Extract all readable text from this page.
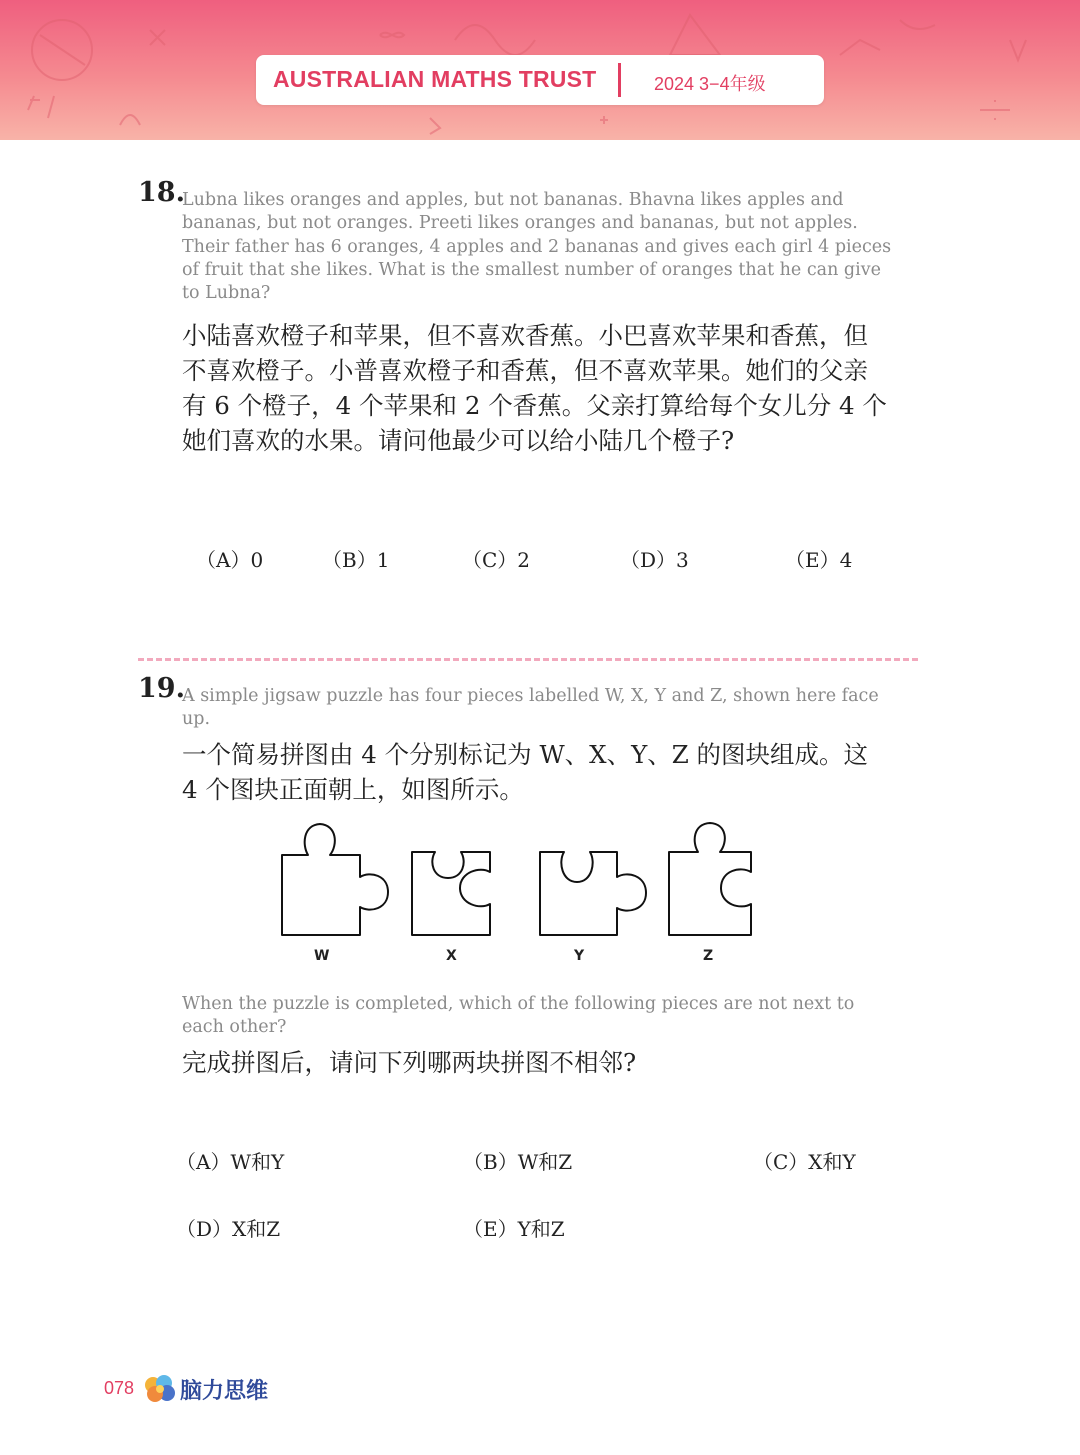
AUSTRALIAN MATHS TRUST	2024 3−4年级
18.
Lubna likes oranges and apples, but not bananas. Bhavna likes apples and
bananas, but not oranges. Preeti likes oranges and bananas, but not apples.
Their father has 6 oranges, 4 apples and 2 bananas and gives each girl 4 pieces
of fruit that she likes. What is the smallest number of oranges that he can give
to Lubna?
小陆喜欢橙子和苹果，但不喜欢香蕉。小巴喜欢苹果和香蕉，但
不喜欢橙子。小普喜欢橙子和香蕉，但不喜欢苹果。她们的父亲
有 6 个橙子，4 个苹果和 2 个香蕉。父亲打算给每个女儿分 4 个
她们喜欢的水果。请问他最少可以给小陆几个橙子?
（A）0	（B）1	（C）2	（D）3	（E）4
19.
A simple jigsaw puzzle has four pieces labelled W, X, Y and Z, shown here face
up.
一个简易拼图由 4 个分别标记为 W、X、Y、Z 的图块组成。这
4 个图块正面朝上，如图所示。
W	X	Y	Z
When the puzzle is completed, which of the following pieces are not next to
each other?
完成拼图后，请问下列哪两块拼图不相邻?
（A）W和Y	（B）W和Z	（C）X和Y
（D）X和Z	（E）Y和Z
078 脑力思维
